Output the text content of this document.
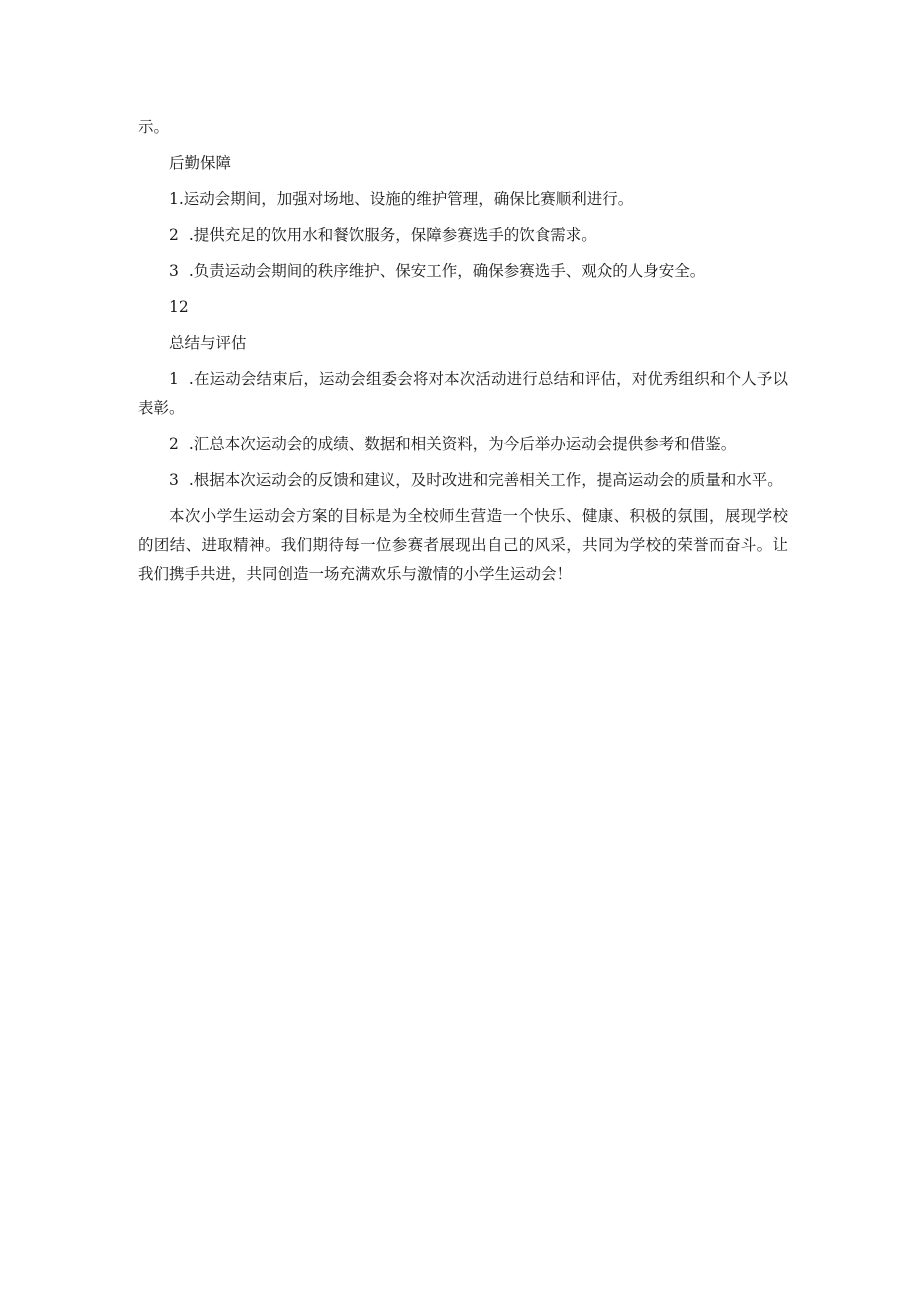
示。

后勤保障

1.运动会期间，加强对场地、设施的维护管理，确保比赛顺利进行。

2 .提供充足的饮用水和餐饮服务，保障参赛选手的饮食需求。

3 .负责运动会期间的秩序维护、保安工作，确保参赛选手、观众的人身安全。

12

总结与评估

1 .在运动会结束后，运动会组委会将对本次活动进行总结和评估，对优秀组织和个人予以表彰。

2 .汇总本次运动会的成绩、数据和相关资料，为今后举办运动会提供参考和借鉴。

3 .根据本次运动会的反馈和建议，及时改进和完善相关工作，提高运动会的质量和水平。

本次小学生运动会方案的目标是为全校师生营造一个快乐、健康、积极的氛围，展现学校的团结、进取精神。我们期待每一位参赛者展现出自己的风采，共同为学校的荣誉而奋斗。让我们携手共进，共同创造一场充满欢乐与激情的小学生运动会！
